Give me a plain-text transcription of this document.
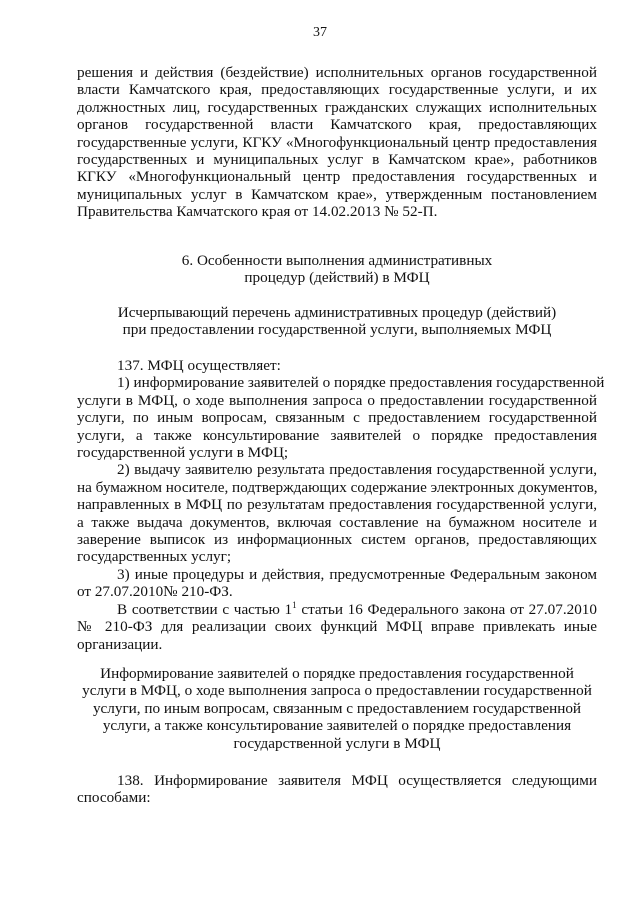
37
решения и действия (бездействие) исполнительных органов государственной
власти Камчатского края, предоставляющих государственные услуги, и их
должностных лиц, государственных гражданских служащих исполнительных
органов государственной власти Камчатского края, предоставляющих
государственные услуги, КГКУ «Многофункциональный центр предоставления
государственных и муниципальных услуг в Камчатском крае», работников
КГКУ «Многофункциональный центр предоставления государственных и
муниципальных услуг в Камчатском крае», утвержденным постановлением
Правительства Камчатского края от 14.02.2013 № 52-П.
6. Особенности выполнения административных
процедур (действий) в МФЦ
Исчерпывающий перечень административных процедур (действий)
при предоставлении государственной услуги, выполняемых МФЦ
137. МФЦ осуществляет:
1) информирование заявителей о порядке предоставления государственной
услуги в МФЦ, о ходе выполнения запроса о предоставлении государственной
услуги, по иным вопросам, связанным с предоставлением государственной
услуги, а также консультирование заявителей о порядке предоставления
государственной услуги в МФЦ;
2) выдачу заявителю результата предоставления государственной услуги,
на бумажном носителе, подтверждающих содержание электронных документов,
направленных в МФЦ по результатам предоставления государственной услуги,
а также выдача документов, включая составление на бумажном носителе и
заверение выписок из информационных систем органов, предоставляющих
государственных услуг;
3) иные процедуры и действия, предусмотренные Федеральным законом
от 27.07.2010№ 210-ФЗ.
В соответствии с частью $1^1$ статьи 16 Федерального закона от 27.07.2010
№ 210-ФЗ для реализации своих функций МФЦ вправе привлекать иные
организации.
Информирование заявителей о порядке предоставления государственной
услуги в МФЦ, о ходе выполнения запроса о предоставлении государственной
услуги, по иным вопросам, связанным с предоставлением государственной
услуги, а также консультирование заявителей о порядке предоставления
государственной услуги в МФЦ
138. Информирование заявителя МФЦ осуществляется следующими
способами:
